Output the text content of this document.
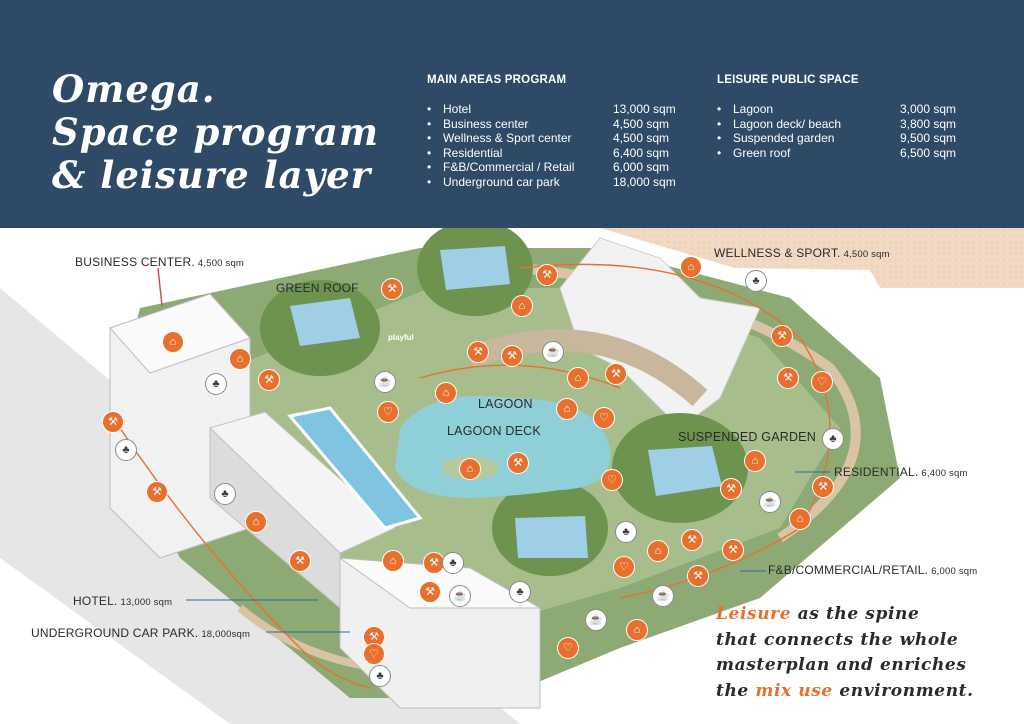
Omega.
Space program
& leisure layer
MAIN AREAS PROGRAM
• Hotel	13,000 sqm
• Business center	4,500 sqm
• Wellness & Sport center	4,500 sqm
• Residential	6,400 sqm
• F&B/Commercial / Retail	6,000 sqm
• Underground car park	18,000 sqm
LEISURE PUBLIC SPACE
• Lagoon	3,000 sqm
• Lagoon deck/ beach	3,800 sqm
• Suspended garden	9,500 sqm
• Green roof	6,500 sqm
⚒
⌂
⚒
⚒
♣
⌂
⚒
♣
♡
⌂
⚒	⚒	☕
⌂	⚒
♡
⌂
⌂	⚒
♡
⌂
♣
⚒
⚒	♡
♣
⌂
⚒
☕
⚒
⌂
⚒
⚒
⚒
☕
♣
♡
⌂
☕
⌂
♡
♣
☕
⚒
⚒ ♣
⌂
⚒
⌂
♣
⚒
⚒
♣
♡
☕
⌂	playful
BUSINESS CENTER. 4,500 sqm
GREEN ROOF
WELLNESS & SPORT. 4,500 sqm
LAGOON
LAGOON DECK	SUSPENDED GARDEN
RESIDENTIAL. 6,400 sqm
F&B/COMMERCIAL/RETAIL. 6,000 sqm
HOTEL. 13,000 sqm
UNDERGROUND CAR PARK. 18,000sqm
Leisure as the spine
that connects the whole
masterplan and enriches
the mix use environment.
